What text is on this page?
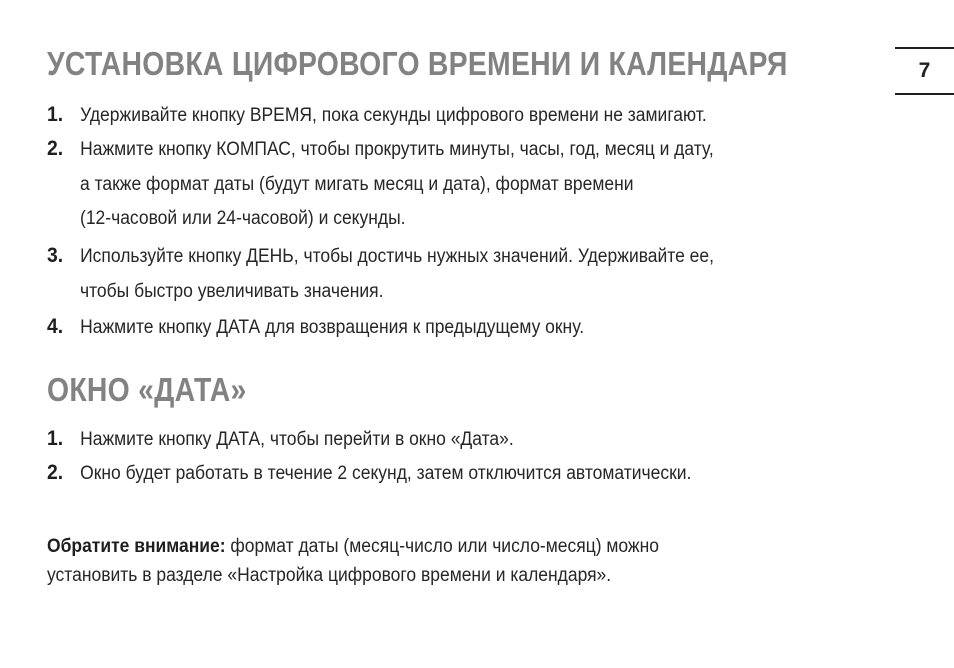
7
УСТАНОВКА ЦИФРОВОГО ВРЕМЕНИ И КАЛЕНДАРЯ
1. Удерживайте кнопку ВРЕМЯ, пока секунды цифрового времени не замигают.
2. Нажмите кнопку КОМПАС, чтобы прокрутить минуты, часы, год, месяц и дату,
а также формат даты (будут мигать месяц и дата), формат времени
(12-часовой или 24-часовой) и секунды.
3. Используйте кнопку ДЕНЬ, чтобы достичь нужных значений. Удерживайте ее,
чтобы быстро увеличивать значения.
4. Нажмите кнопку ДАТА для возвращения к предыдущему окну.
ОКНО «ДАТА»
1. Нажмите кнопку ДАТА, чтобы перейти в окно «Дата».
2. Окно будет работать в течение 2 секунд, затем отключится автоматически.
Обратите внимание: формат даты (месяц-число или число-месяц) можно
установить в разделе «Настройка цифрового времени и календаря».
